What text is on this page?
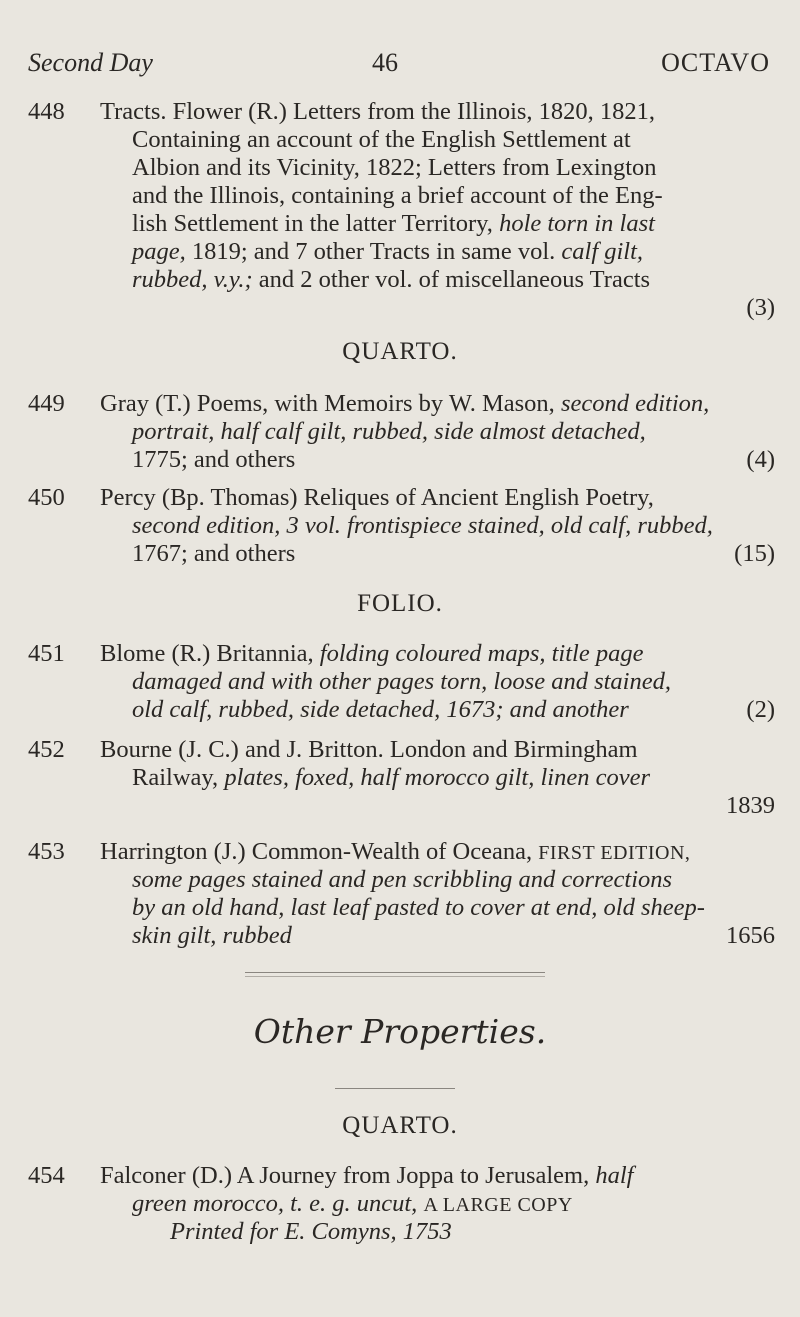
Second Day	46	OCTAVO
448	Tracts. Flower (R.) Letters from the Illinois, 1820, 1821,
Containing an account of the English Settlement at
Albion and its Vicinity, 1822; Letters from Lexington
and the Illinois, containing a brief account of the Eng-
lish Settlement in the latter Territory, hole torn in last
page, 1819; and 7 other Tracts in same vol. calf gilt,
rubbed, v.y.; and 2 other vol. of miscellaneous Tracts
(3)
QUARTO.
449	Gray (T.) Poems, with Memoirs by W. Mason, second edition,
portrait, half calf gilt, rubbed, side almost detached,
1775; and others	(4)
450	Percy (Bp. Thomas) Reliques of Ancient English Poetry,
second edition, 3 vol. frontispiece stained, old calf, rubbed,
1767; and others	(15)
FOLIO.
451	Blome (R.) Britannia, folding coloured maps, title page
damaged and with other pages torn, loose and stained,
old calf, rubbed, side detached, 1673; and another	(2)
452	Bourne (J. C.) and J. Britton. London and Birmingham
Railway, plates, foxed, half morocco gilt, linen cover
1839
453	Harrington (J.) Common-Wealth of Oceana, FIRST EDITION,
some pages stained and pen scribbling and corrections
by an old hand, last leaf pasted to cover at end, old sheep-
skin gilt, rubbed	1656
Other Properties.
QUARTO.
454	Falconer (D.) A Journey from Joppa to Jerusalem, half
green morocco, t. e. g. uncut, A LARGE COPY
Printed for E. Comyns, 1753
